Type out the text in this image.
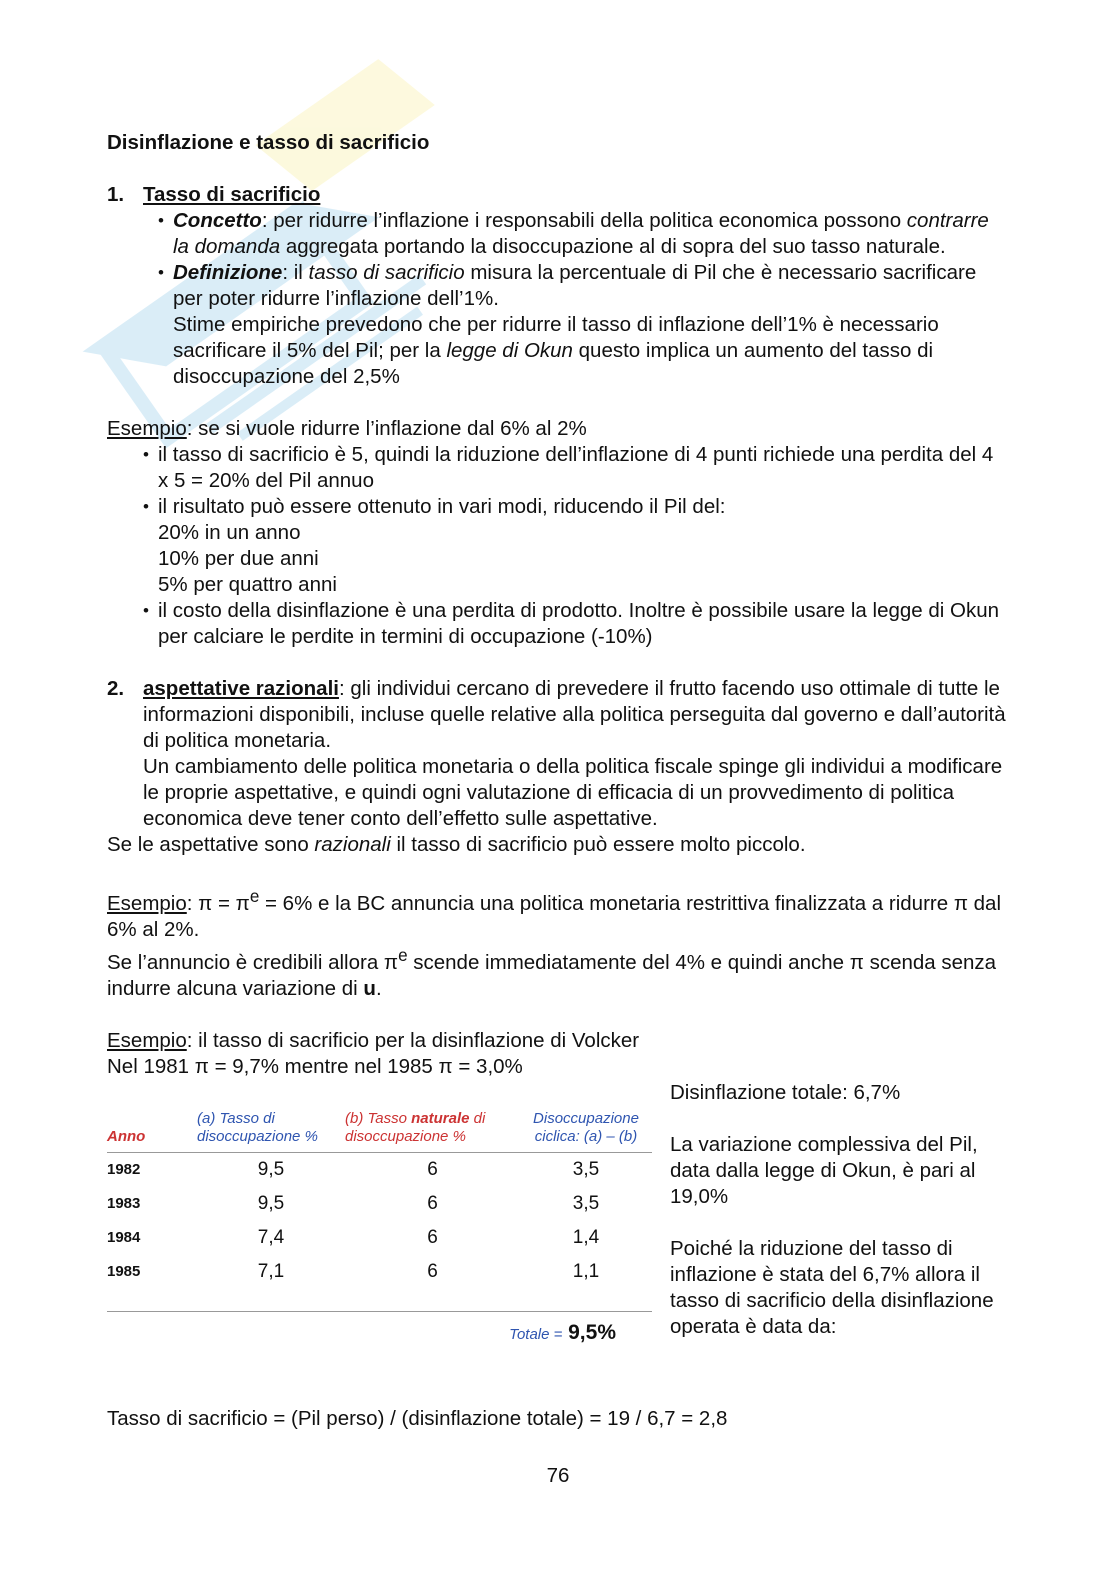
Disinflazione e tasso di sacrificio

1. Tasso di sacrificio

• Concetto: per ridurre l’inflazione i responsabili della politica economica possono contrarre la domanda aggregata portando la disoccupazione al di sopra del suo tasso naturale.
• Definizione: il tasso di sacrificio misura la percentuale di Pil che è necessario sacrificare per poter ridurre l’inflazione dell’1%.
Stime empiriche prevedono che per ridurre il tasso di inflazione dell’1% è necessario sacrificare il 5% del Pil; per la legge di Okun questo implica un aumento del tasso di disoccupazione del 2,5%

Esempio: se si vuole ridurre l’inflazione dal 6% al 2%

• il tasso di sacrificio è 5, quindi la riduzione dell’inflazione di 4 punti richiede una perdita del 4 x 5 = 20% del Pil annuo
• il risultato può essere ottenuto in vari modi, riducendo il Pil del:
20% in un anno
10% per due anni
5% per quattro anni
• il costo della disinflazione è una perdita di prodotto. Inoltre è possibile usare la legge di Okun per calciare le perdite in termini di occupazione (-10%)
2. aspettative razionali: gli individui cercano di prevedere il frutto facendo uso ottimale di tutte le informazioni disponibili, incluse quelle relative alla politica perseguita dal governo e dall’autorità di politica monetaria.

Un cambiamento delle politica monetaria o della politica fiscale spinge gli individui a modificare le proprie aspettative, e quindi ogni valutazione di efficacia di un provvedimento di politica economica deve tener conto dell’effetto sulle aspettative.

Se le aspettative sono razionali il tasso di sacrificio può essere molto piccolo.

Esempio: $\pi = \pi^e = 6\%$ e la BC annuncia una politica monetaria restrittiva finalizzata a ridurre π dal 6% al 2%.

Se l’annuncio è credibili allora $\pi^e$ scende immediatamente del 4% e quindi anche π scenda senza indurre alcuna variazione di u.

Esempio: il tasso di sacrificio per la disinflazione di Volcker

Nel 1981 π = 9,7% mentre nel 1985 π = 3,0%

Anno	(a) Tasso di
disoccupazione %	(b) Tasso naturale di
disoccupazione %	Disoccupazione
ciclica: (a) – (b)
1982	9,5	6	3,5
1983	9,5	6	3,5
1984	7,4	6	1,4
1985	7,1	6	1,1
Totale = 9,5%

Disinflazione totale: 6,7%

La variazione complessiva del Pil, data dalla legge di Okun, è pari al 19,0%

Poiché la riduzione del tasso di inflazione è stata del 6,7% allora il tasso di sacrificio della disinflazione operata è data da:

Tasso di sacrificio = (Pil perso) / (disinflazione totale) = 19 / 6,7 = 2,8

76
